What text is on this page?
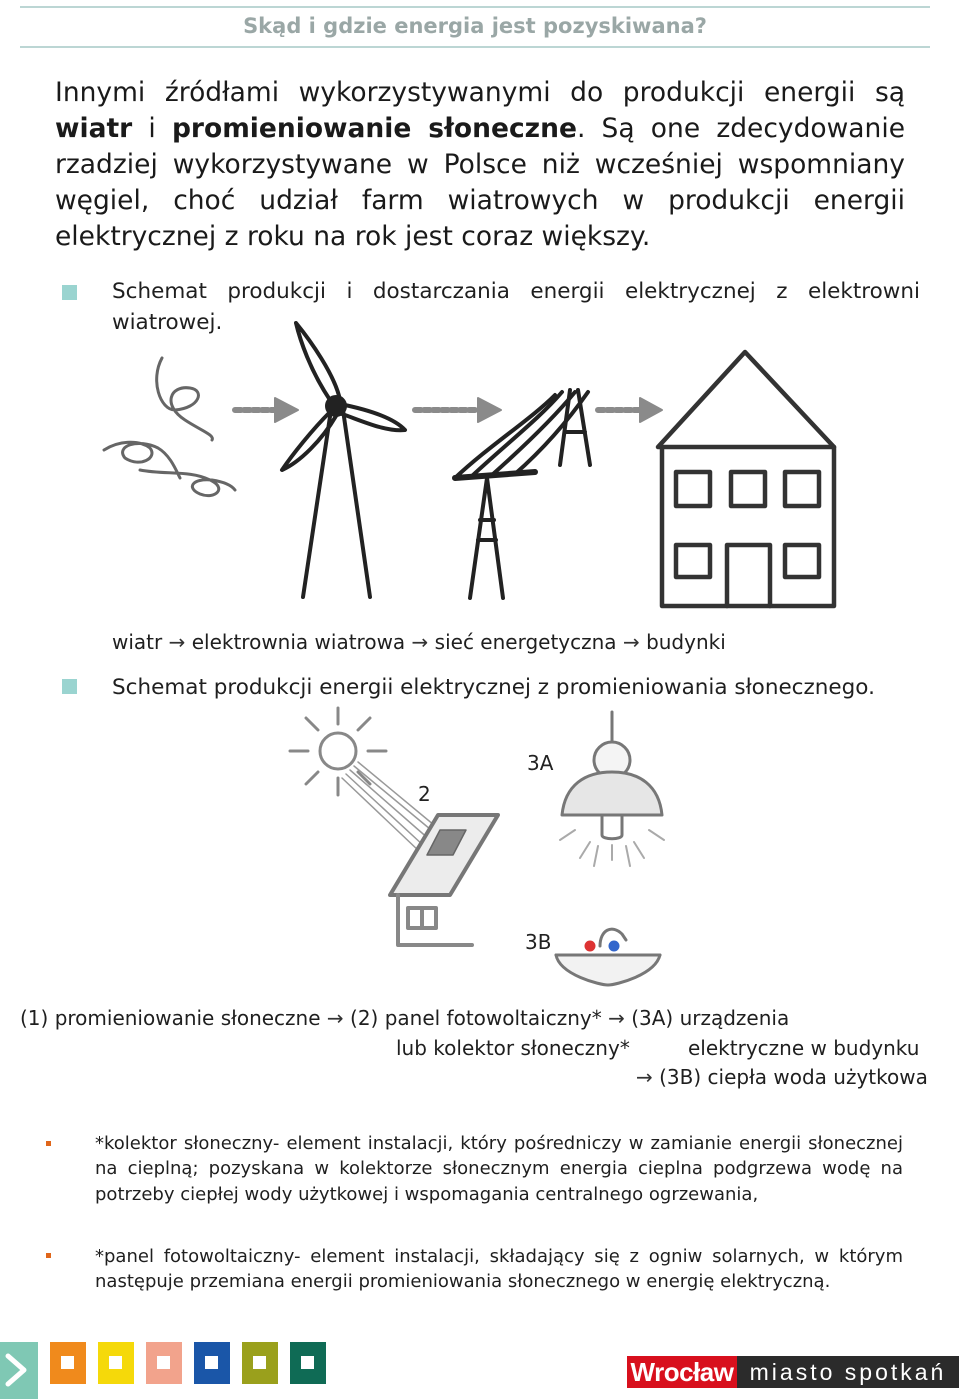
Skąd i gdzie energia jest pozyskiwana?

Innymi źródłami wykorzystywanymi do produkcji energii są wiatr i promieniowanie słoneczne. Są one zdecydowanie rzadziej wykorzystywane w Polsce niż wcześniej wspomniany węgiel, choć udział farm wiatrowych w produkcji energii elektrycznej z roku na rok jest coraz większy.

Schemat produkcji i dostarczania energii elektrycznej z elektrowni wiatrowej.
wiatr → elektrownia wiatrowa → sieć energetyczna → budynki
Schemat produkcji energii elektrycznej z promieniowania słonecznego.
2
3A
3B
(1) promieniowanie słoneczne → (2) panel fotowoltaiczny* → (3A) urządzenia
lub kolektor słoneczny*	elektryczne w budynku
→ (3B) ciepła woda użytkowa
*kolektor słoneczny- element instalacji, który pośredniczy w zamianie energii słonecznej na cieplną; pozyskana w kolektorze słonecznym energia cieplna podgrzewa wodę na potrzeby ciepłej wody użytkowej i wspomagania centralnego ogrzewania,
*panel fotowoltaiczny- element instalacji, składający się z ogniw solarnych, w którym następuje przemiana energii promieniowania słonecznego w energię elektryczną.
Wrocław miasto spotkań
